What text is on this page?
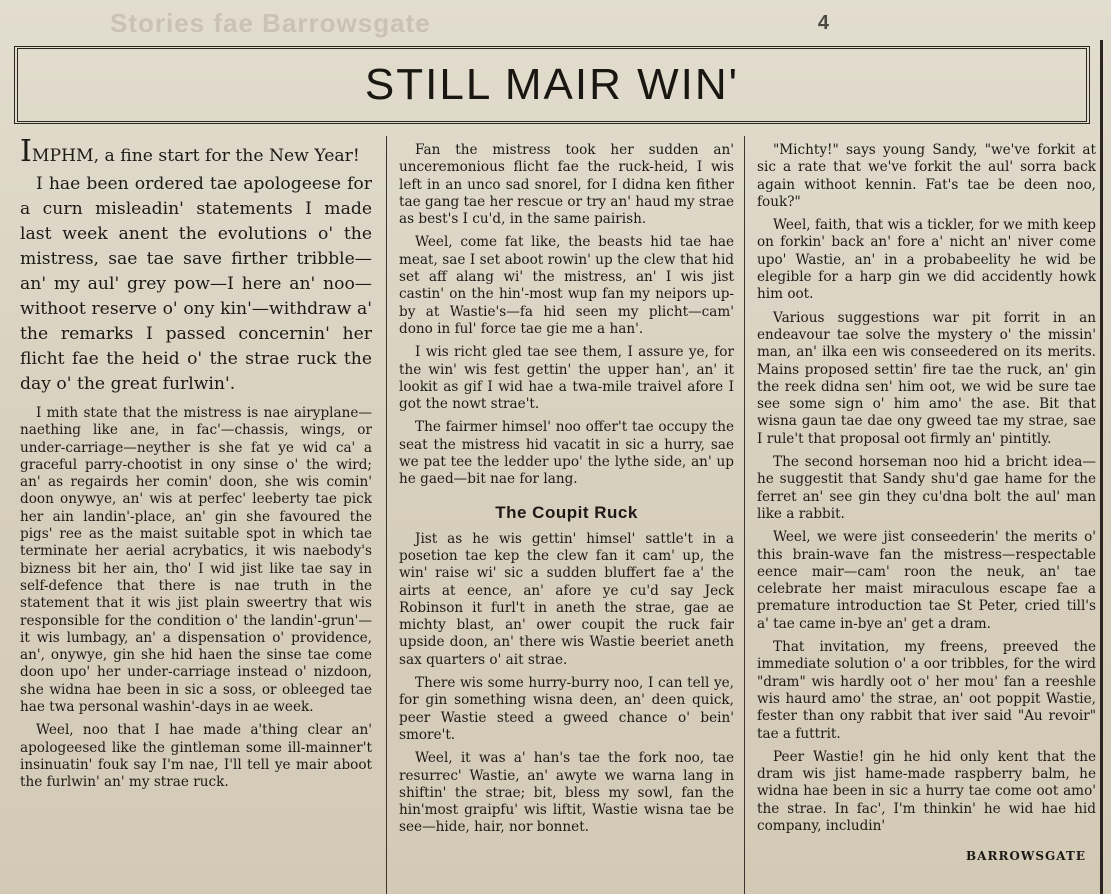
Stories fae Barrowsgate	4
STILL MAIR WIN'

IMPHM, a fine start for the New Year!

I hae been ordered tae apologeese for a curn misleadin' statements I made last week anent the evolutions o' the mistress, sae tae save firther tribble—an' my aul' grey pow—I here an' noo—withoot reserve o' ony kin'—withdraw a' the remarks I passed concernin' her flicht fae the heid o' the strae ruck the day o' the great furlwin'.

I mith state that the mistress is nae airyplane—naething like ane, in fac'—chassis, wings, or under-carriage—neyther is she fat ye wid ca' a graceful parry-chootist in ony sinse o' the wird; an' as regairds her comin' doon, she wis comin' doon onywye, an' wis at perfec' leeberty tae pick her ain landin'-place, an' gin she favoured the pigs' ree as the maist suitable spot in which tae terminate her aerial acrybatics, it wis naebody's bizness bit her ain, tho' I wid jist like tae say in self-defence that there is nae truth in the statement that it wis jist plain sweertry that wis responsible for the condition o' the landin'-grun'—it wis lumbagy, an' a dispensation o' providence, an', onywye, gin she hid haen the sinse tae come doon upo' her under-carriage instead o' nizdoon, she widna hae been in sic a soss, or obleeged tae hae twa personal washin'-days in ae week.

Weel, noo that I hae made a'thing clear an' apologeesed like the gintleman some ill-mainner't insinuatin' fouk say I'm nae, I'll tell ye mair aboot the furlwin' an' my strae ruck.

Fan the mistress took her sudden an' unceremonious flicht fae the ruck-heid, I wis left in an unco sad snorel, for I didna ken fither tae gang tae her rescue or try an' haud my strae as best's I cu'd, in the same pairish.

Weel, come fat like, the beasts hid tae hae meat, sae I set aboot rowin' up the clew that hid set aff alang wi' the mistress, an' I wis jist castin' on the hin'-most wup fan my neipors up-by at Wastie's—fa hid seen my plicht—cam' dono in ful' force tae gie me a han'.

I wis richt gled tae see them, I assure ye, for the win' wis fest gettin' the upper han', an' it lookit as gif I wid hae a twa-mile traivel afore I got the nowt strae't.

The fairmer himsel' noo offer't tae occupy the seat the mistress hid vacatit in sic a hurry, sae we pat tee the ledder upo' the lythe side, an' up he gaed—bit nae for lang.

The Coupit Ruck

Jist as he wis gettin' himsel' sattle't in a posetion tae kep the clew fan it cam' up, the win' raise wi' sic a sudden bluffert fae a' the airts at eence, an' afore ye cu'd say Jeck Robinson it furl't in aneth the strae, gae ae michty blast, an' ower coupit the ruck fair upside doon, an' there wis Wastie beeriet aneth sax quarters o' ait strae.

There wis some hurry-burry noo, I can tell ye, for gin something wisna deen, an' deen quick, peer Wastie steed a gweed chance o' bein' smore't.

Weel, it was a' han's tae the fork noo, tae resurrec' Wastie, an' awyte we warna lang in shiftin' the strae; bit, bless my sowl, fan the hin'most graipfu' wis liftit, Wastie wisna tae be see—hide, hair, nor bonnet.

"Michty!" says young Sandy, "we've forkit at sic a rate that we've forkit the aul' sorra back again withoot kennin. Fat's tae be deen noo, fouk?"

Weel, faith, that wis a tickler, for we mith keep on forkin' back an' fore a' nicht an' niver come upo' Wastie, an' in a probabeelity he wid be elegible for a harp gin we did accidently howk him oot.

Various suggestions war pit forrit in an endeavour tae solve the mystery o' the missin' man, an' ilka een wis conseedered on its merits. Mains proposed settin' fire tae the ruck, an' gin the reek didna sen' him oot, we wid be sure tae see some sign o' him amo' the ase. Bit that wisna gaun tae dae ony gweed tae my strae, sae I rule't that proposal oot firmly an' pintitly.

The second horseman noo hid a bricht idea—he suggestit that Sandy shu'd gae hame for the ferret an' see gin they cu'dna bolt the aul' man like a rabbit.

Weel, we were jist conseederin' the merits o' this brain-wave fan the mistress—respectable eence mair—cam' roon the neuk, an' tae celebrate her maist miraculous escape fae a premature introduction tae St Peter, cried till's a' tae came in-bye an' get a dram.

That invitation, my freens, preeved the immediate solution o' a oor tribbles, for the wird "dram" wis hardly oot o' her mou' fan a reeshle wis haurd amo' the strae, an' oot poppit Wastie, fester than ony rabbit that iver said "Au revoir" tae a futtrit.

Peer Wastie! gin he hid only kent that the dram wis jist hame-made raspberry balm, he widna hae been in sic a hurry tae come oot amo' the strae. In fac', I'm thinkin' he wid hae hid company, includin'

BARROWSGATE
